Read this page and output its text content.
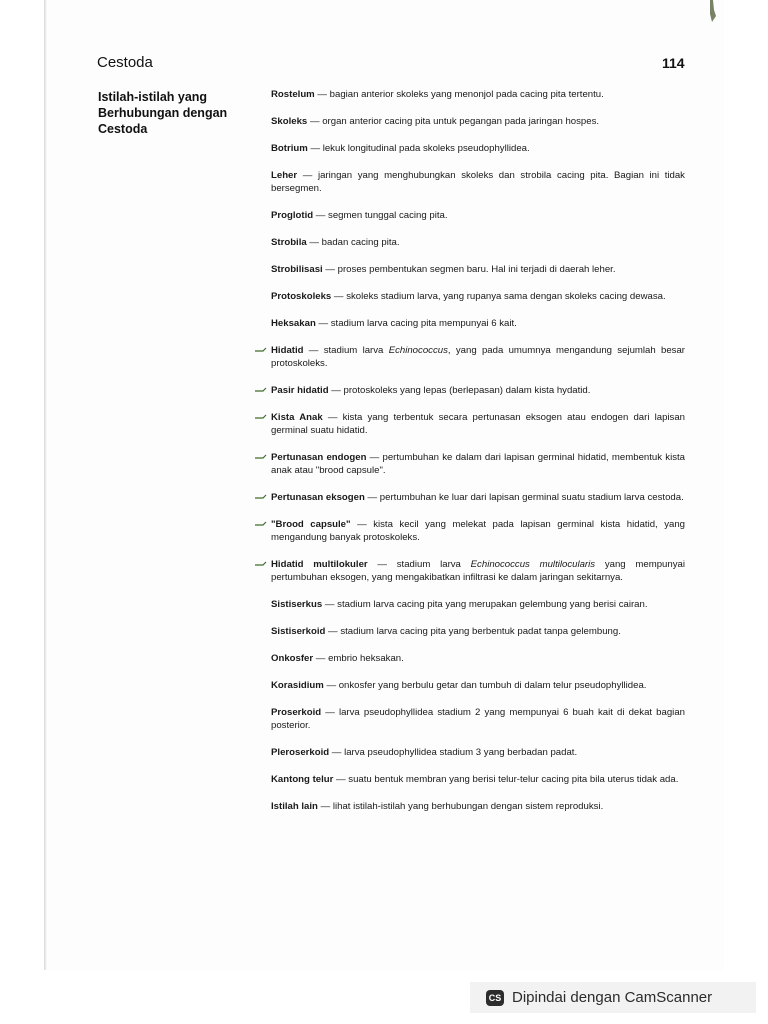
Cestoda	114
Istilah-istilah yang Berhubungan dengan Cestoda
Rostelum — bagian anterior skoleks yang menonjol pada cacing pita tertentu.
Skoleks — organ anterior cacing pita untuk pegangan pada jaringan hospes.
Botrium — lekuk longitudinal pada skoleks pseudophyllidea.
Leher — jaringan yang menghubungkan skoleks dan strobila cacing pita. Bagian ini tidak bersegmen.
Proglotid — segmen tunggal cacing pita.
Strobila — badan cacing pita.
Strobilisasi — proses pembentukan segmen baru. Hal ini terjadi di daerah leher.
Protoskoleks — skoleks stadium larva, yang rupanya sama dengan skoleks cacing dewasa.
Heksakan — stadium larva cacing pita mempunyai 6 kait.
Hidatid — stadium larva Echinococcus, yang pada umumnya mengandung sejumlah besar protoskoleks.
Pasir hidatid — protoskoleks yang lepas (berlepasan) dalam kista hydatid.
Kista Anak — kista yang terbentuk secara pertunasan eksogen atau endogen dari lapisan germinal suatu hidatid.
Pertunasan endogen — pertumbuhan ke dalam dari lapisan germinal hidatid, membentuk kista anak atau "brood capsule".
Pertunasan eksogen — pertumbuhan ke luar dari lapisan germinal suatu stadium larva cestoda.
"Brood capsule" — kista kecil yang melekat pada lapisan germinal kista hidatid, yang mengandung banyak protoskoleks.
Hidatid multilokuler — stadium larva Echinococcus multilocularis yang mempunyai pertumbuhan eksogen, yang mengakibatkan infiltrasi ke dalam jaringan sekitarnya.
Sistiserkus — stadium larva cacing pita yang merupakan gelembung yang berisi cairan.
Sistiserkoid — stadium larva cacing pita yang berbentuk padat tanpa gelembung.
Onkosfer — embrio heksakan.
Korasidium — onkosfer yang berbulu getar dan tumbuh di dalam telur pseudophyllidea.
Proserkoid — larva pseudophyllidea stadium 2 yang mempunyai 6 buah kait di dekat bagian posterior.
Pleroserkoid — larva pseudophyllidea stadium 3 yang berbadan padat.
Kantong telur — suatu bentuk membran yang berisi telur-telur cacing pita bila uterus tidak ada.
Istilah lain — lihat istilah-istilah yang berhubungan dengan sistem reproduksi.
CS Dipindai dengan CamScanner
